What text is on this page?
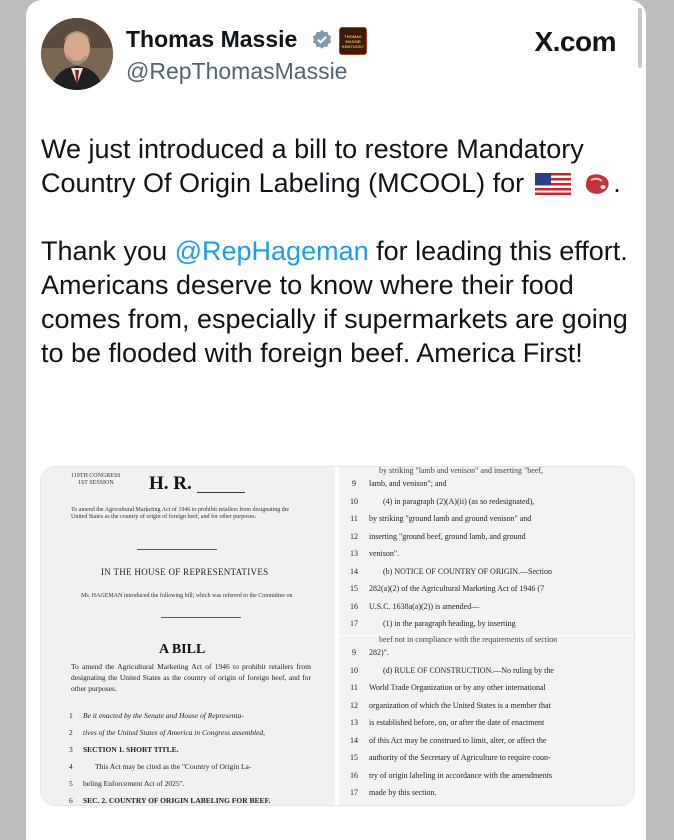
Thomas Massie	THOMAS
MASSIE
KENTUCKY
@RepThomasMassie
X.com

We just introduced a bill to restore Mandatory Country Of Origin Labeling (MCOOL) for	.

Thank you @RepHageman for leading this effort. Americans deserve to know where their food comes from, especially if supermarkets are going to be flooded with foreign beef. America First!

119TH CONGRESS
1ST SESSION	H. R.
To amend the Agricultural Marketing Act of 1946 to prohibit retailers from designating the United States as the country of origin of foreign beef, and for other purposes.
IN THE HOUSE OF REPRESENTATIVES
Ms. HAGEMAN introduced the following bill; which was referred to the Committee on
A BILL
To amend the Agricultural Marketing Act of 1946 to prohibit retailers from designating the United States as the country of origin of foreign beef, and for other purposes.
1	Be it enacted by the Senate and House of Representa-
2	tives of the United States of America in Congress assembled,
3	SECTION 1. SHORT TITLE.
4	This Act may be cited as the "Country of Origin La-
5	beling Enforcement Act of 2025".
6	SEC. 2. COUNTRY OF ORIGIN LABELING FOR BEEF.
by striking "lamb and venison" and inserting "beef,
9	lamb, and venison"; and
10	(4) in paragraph (2)(A)(ii) (as so redesignated),
11	by striking "ground lamb and ground venison" and
12	inserting "ground beef, ground lamb, and ground
13	venison".
14	(b) NOTICE OF COUNTRY OF ORIGIN.—Section
15	282(a)(2) of the Agricultural Marketing Act of 1946 (7
16	U.S.C. 1638a(a)(2)) is amended—
17	(1) in the paragraph heading, by inserting
beef not in compliance with the requirements of section
9	282)".
10	(d) RULE OF CONSTRUCTION.—No ruling by the
11	World Trade Organization or by any other international
12	organization of which the United States is a member that
13	is established before, on, or after the date of enactment
14	of this Act may be construed to limit, alter, or affect the
15	authority of the Secretary of Agriculture to require coun-
16	try of origin labeling in accordance with the amendments
17	made by this section.
